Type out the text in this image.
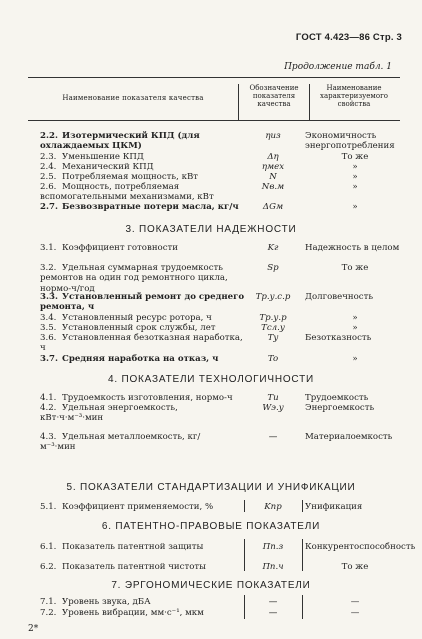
ГОСТ 4.423—86 Стр. 3
Продолжение табл. 1
Наименование показателя качества
Обозначение показателя качества
Наименование характеризуемого свойства
2.2. Изотермический КПД (для охлаждаемых ЦКМ)
ηиз	Экономичность энергопотребления
2.3. Уменьшение КПД	Δη	То же
2.4. Механический КПД	ηмех	»
2.5. Потребляемая мощность, кВт	N	»
2.6. Мощность, потребляемая вспомогательными механизмами, кВт
Nв.м	»
2.7. Безвозвратные потери масла, кг/ч	ΔGм	»
3. ПОКАЗАТЕЛИ НАДЕЖНОСТИ
3.1. Коэффициент готовности	Kг	Надежность в целом
3.2. Удельная суммарная трудоемкость ремонтов на один год ремонтного цикла, нормо-ч/год
Sр	То же
3.3. Установленный ремонт до среднего ремонта, ч
Tр.у.с.р	Долговечность
3.4. Установленный ресурс ротора, ч	Tр.у.р	»
3.5. Установленный срок службы, лет	Tсл.у	»
3.6. Установленная безотказная наработка, ч
Tу	Безотказность
3.7. Средняя наработка на отказ, ч	To	»
4. ПОКАЗАТЕЛИ ТЕХНОЛОГИЧНОСТИ
4.1. Трудоемкость изготовления, нормо-ч	Tи	Трудоемкость
4.2. Удельная энергоемкость, кВт·ч·м⁻³·мин
Wэ.у	Энергоемкость
4.3. Удельная металлоемкость, кг/м⁻³·мин
—	Материалоемкость
5. ПОКАЗАТЕЛИ СТАНДАРТИЗАЦИИ И УНИФИКАЦИИ
5.1. Коэффициент применяемости, %	Kпр	Унификация
6. ПАТЕНТНО-ПРАВОВЫЕ ПОКАЗАТЕЛИ
6.1. Показатель патентной защиты	Пп.з	Конкурентоспособность
6.2. Показатель патентной чистоты	Пп.ч	То же
7. ЭРГОНОМИЧЕСКИЕ ПОКАЗАТЕЛИ
7.1. Уровень звука, дБА	—	—
7.2. Уровень вибрации, мм·с⁻¹, мкм	—	—
2*
